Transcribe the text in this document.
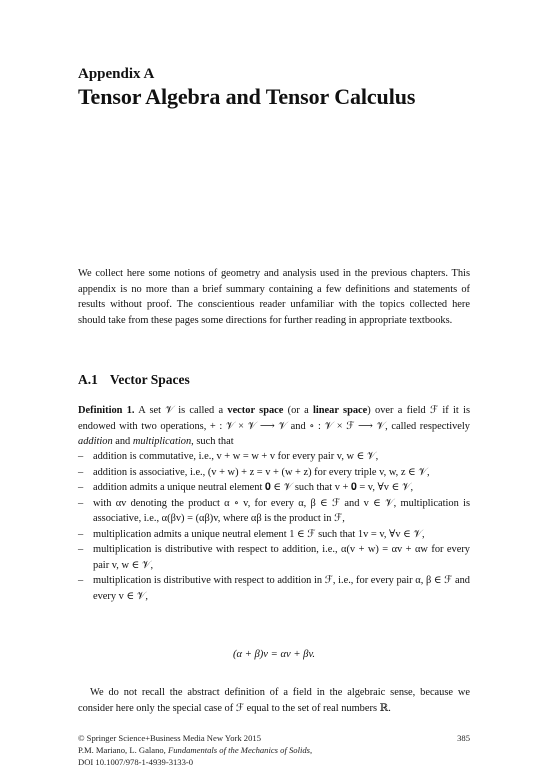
Appendix A
Tensor Algebra and Tensor Calculus

We collect here some notions of geometry and analysis used in the previous chapters. This appendix is no more than a brief summary containing a few definitions and statements of results without proof. The conscientious reader unfamiliar with the topics collected here should take from these pages some directions for further reading in appropriate textbooks.

A.1 Vector Spaces

Definition 1. A set 𝒱 is called a vector space (or a linear space) over a field ℱ if it is endowed with two operations, + : 𝒱 × 𝒱 ⟶ 𝒱 and ∘ : 𝒱 × ℱ ⟶ 𝒱, called respectively addition and multiplication, such that

– addition is commutative, i.e., v + w = w + v for every pair v, w ∈ 𝒱,
– addition is associative, i.e., (v + w) + z = v + (w + z) for every triple v, w, z ∈ 𝒱,
– addition admits a unique neutral element 𝟎 ∈ 𝒱 such that v + 𝟎 = v, ∀v ∈ 𝒱,
– with αv denoting the product α ∘ v, for every α, β ∈ ℱ and v ∈ 𝒱, multiplication is associative, i.e., α(βv) = (αβ)v, where αβ is the product in ℱ,
– multiplication admits a unique neutral element 1 ∈ ℱ such that 1v = v, ∀v ∈ 𝒱,
– multiplication is distributive with respect to addition, i.e., α(v + w) = αv + αw for every pair v, w ∈ 𝒱,
– multiplication is distributive with respect to addition in ℱ, i.e., for every pair α, β ∈ ℱ and every v ∈ 𝒱,
(α + β)v = αv + βv.

We do not recall the abstract definition of a field in the algebraic sense, because we consider here only the special case of ℱ equal to the set of real numbers ℝ.

© Springer Science+Business Media New York 2015	385
P.M. Mariano, L. Galano, Fundamentals of the Mechanics of Solids,
DOI 10.1007/978-1-4939-3133-0
